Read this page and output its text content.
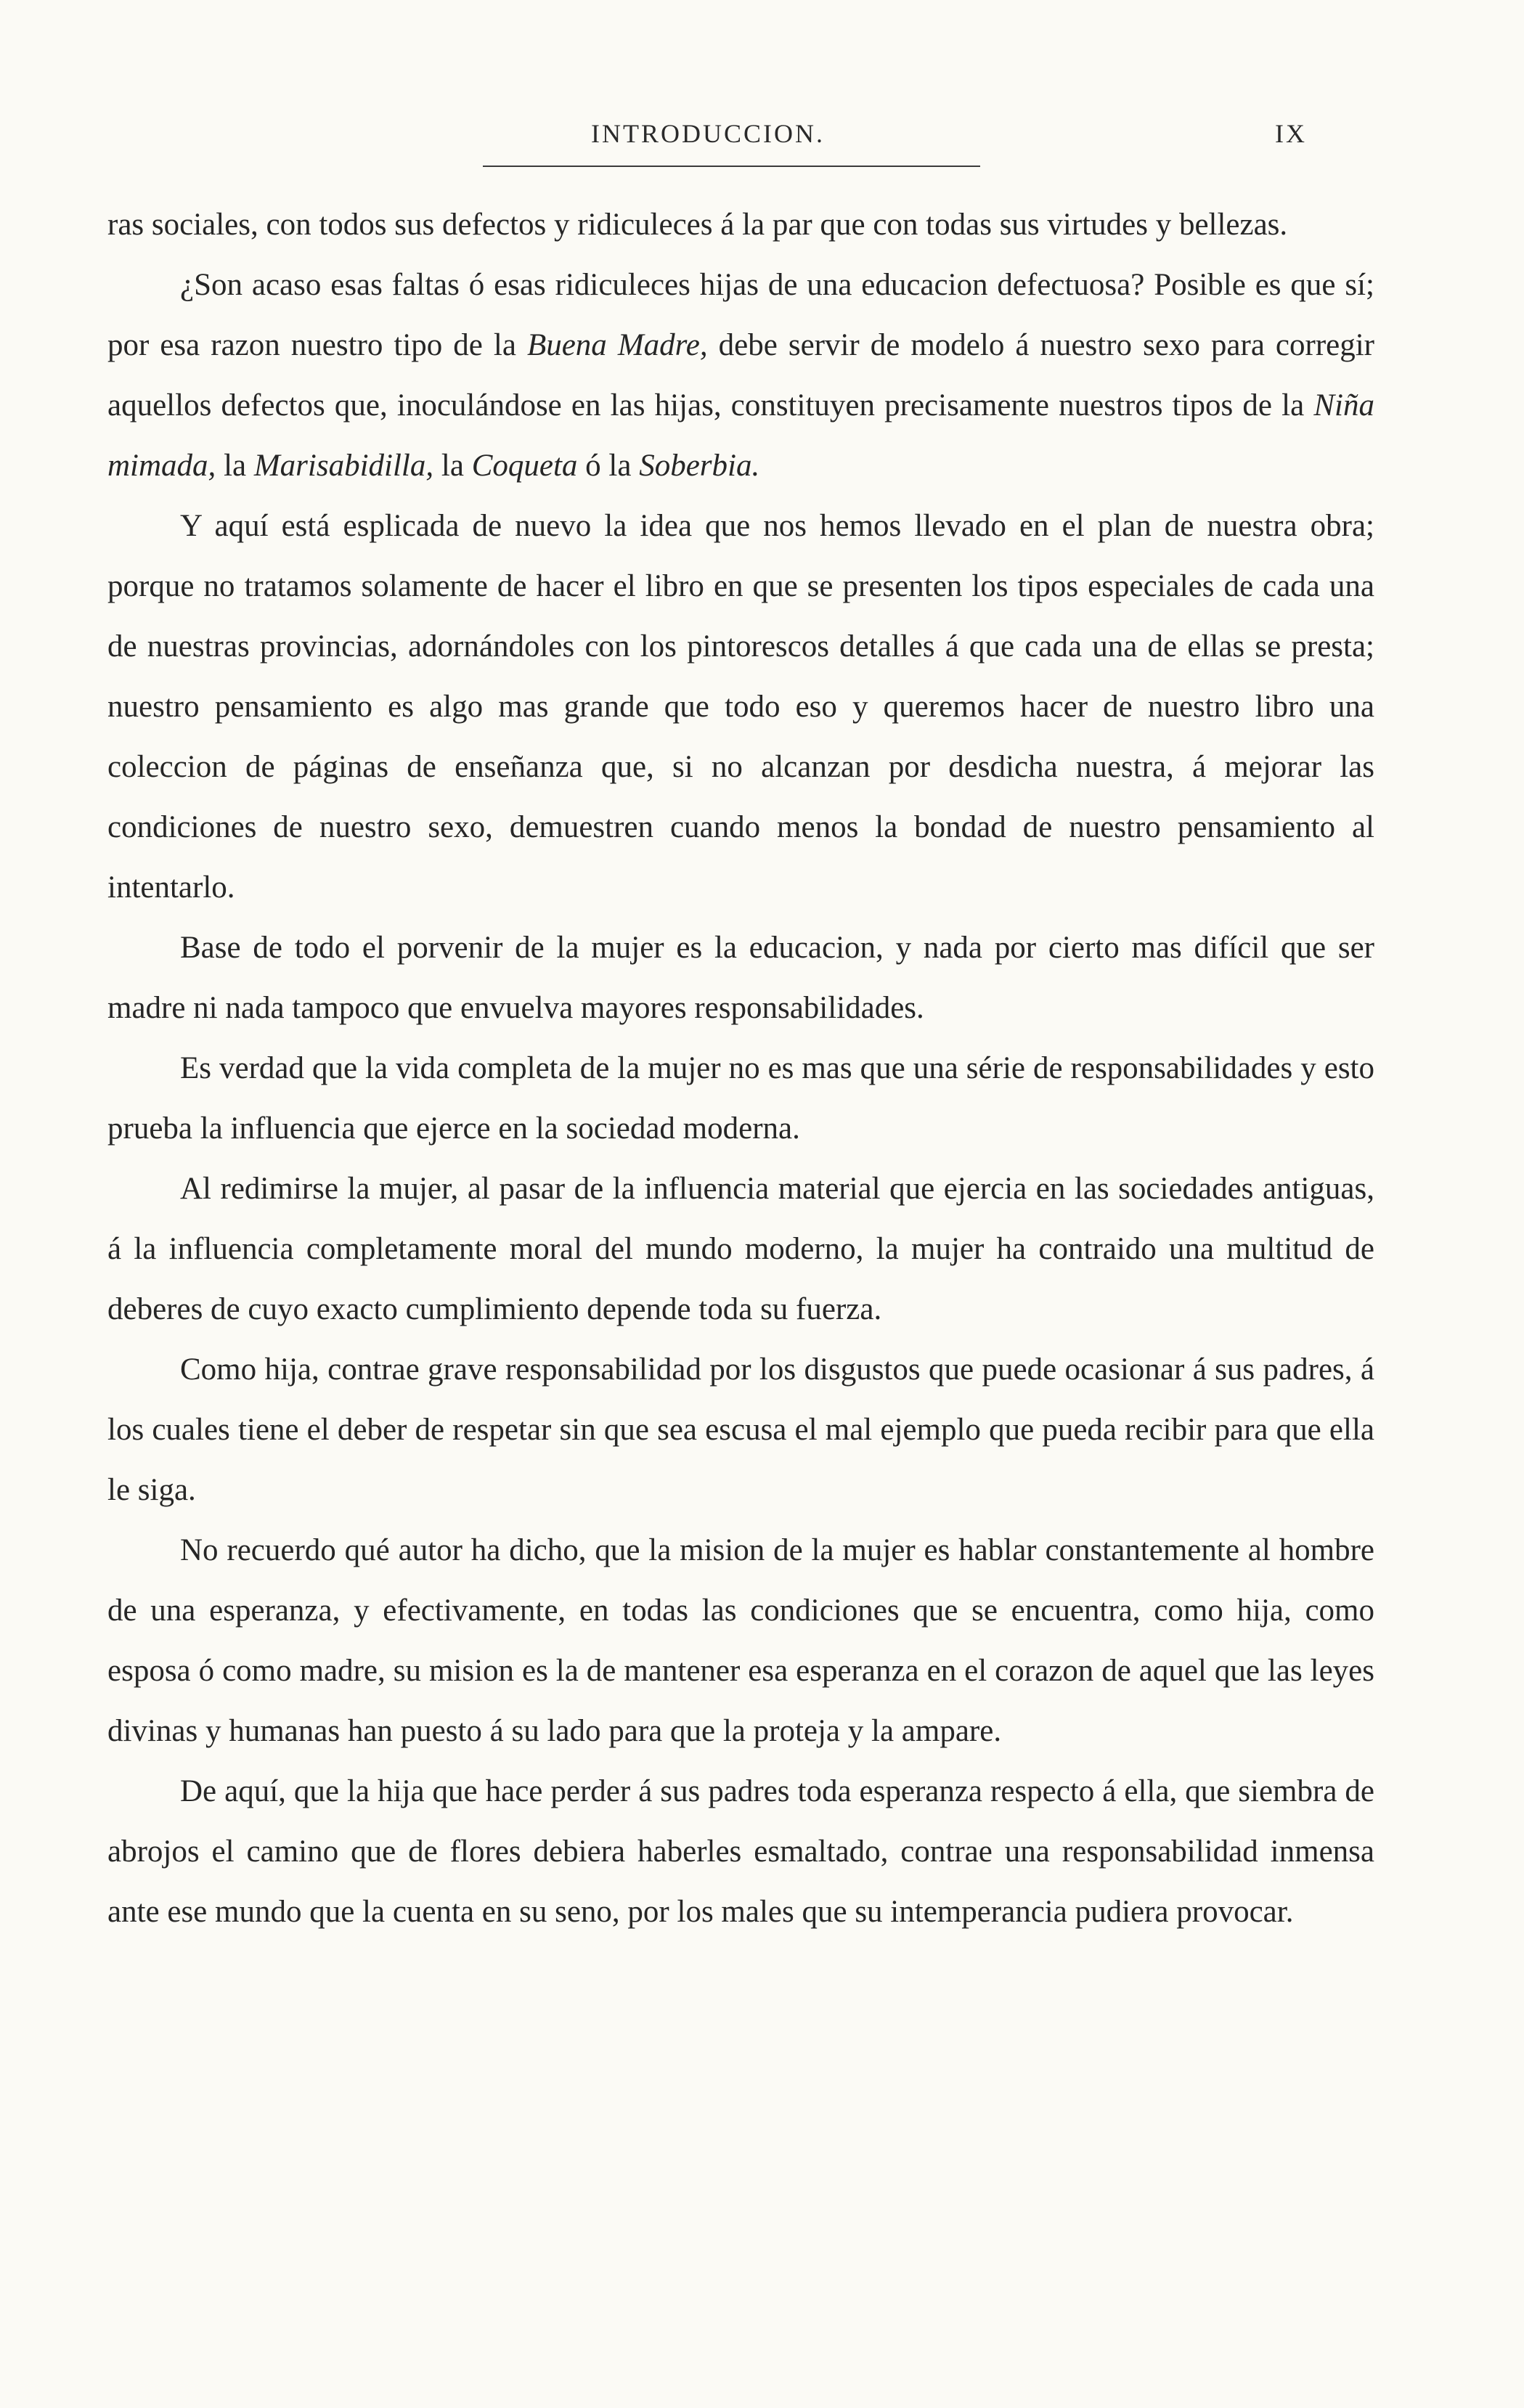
INTRODUCCION.	IX

ras sociales, con todos sus defectos y ridiculeces á la par que con todas sus virtudes y bellezas.

¿Son acaso esas faltas ó esas ridiculeces hijas de una educacion defectuosa? Posible es que sí; por esa razon nuestro tipo de la Buena Madre, debe servir de modelo á nuestro sexo para corregir aquellos defectos que, inoculándose en las hijas, constituyen precisamente nuestros tipos de la Niña mimada, la Marisabidilla, la Coqueta ó la Soberbia.

Y aquí está esplicada de nuevo la idea que nos hemos llevado en el plan de nuestra obra; porque no tratamos solamente de hacer el libro en que se presenten los tipos especiales de cada una de nuestras provincias, adornándoles con los pintorescos detalles á que cada una de ellas se presta; nuestro pensamiento es algo mas grande que todo eso y queremos hacer de nuestro libro una coleccion de páginas de enseñanza que, si no alcanzan por desdicha nuestra, á mejorar las condiciones de nuestro sexo, demuestren cuando menos la bondad de nuestro pensamiento al intentarlo.

Base de todo el porvenir de la mujer es la educacion, y nada por cierto mas difícil que ser madre ni nada tampoco que envuelva mayores responsabilidades.

Es verdad que la vida completa de la mujer no es mas que una série de responsabilidades y esto prueba la influencia que ejerce en la sociedad moderna.

Al redimirse la mujer, al pasar de la influencia material que ejercia en las sociedades antiguas, á la influencia completamente moral del mundo moderno, la mujer ha contraido una multitud de deberes de cuyo exacto cumplimiento depende toda su fuerza.

Como hija, contrae grave responsabilidad por los disgustos que puede ocasionar á sus padres, á los cuales tiene el deber de respetar sin que sea escusa el mal ejemplo que pueda recibir para que ella le siga.

No recuerdo qué autor ha dicho, que la mision de la mujer es hablar constantemente al hombre de una esperanza, y efectivamente, en todas las condiciones que se encuentra, como hija, como esposa ó como madre, su mision es la de mantener esa esperanza en el corazon de aquel que las leyes divinas y humanas han puesto á su lado para que la proteja y la ampare.

De aquí, que la hija que hace perder á sus padres toda esperanza respecto á ella, que siembra de abrojos el camino que de flores debiera haberles esmaltado, contrae una responsabilidad inmensa ante ese mundo que la cuenta en su seno, por los males que su intemperancia pudiera provocar.
